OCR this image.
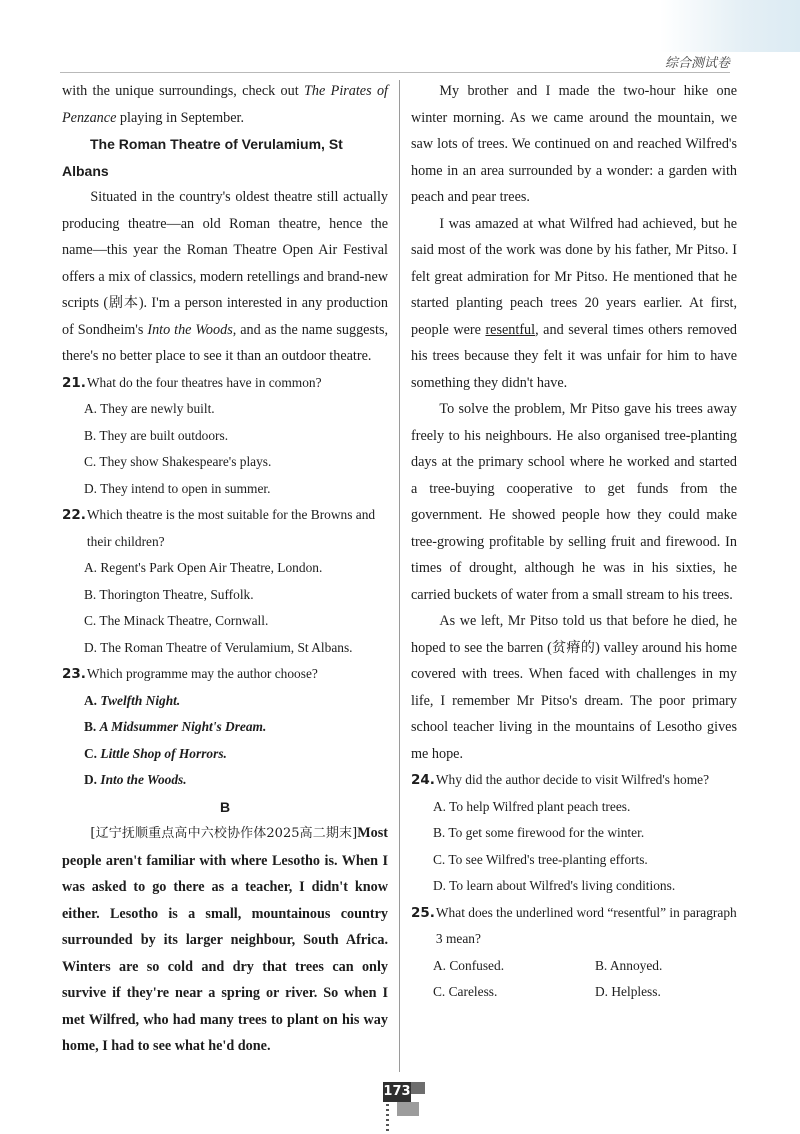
综合测试卷

with the unique surroundings, check out The Pirates of Penzance playing in September.

The Roman Theatre of Verulamium, St Albans

Situated in the country's oldest theatre still actually producing theatre—an old Roman theatre, hence the name—this year the Roman Theatre Open Air Festival offers a mix of classics, modern retellings and brand-new scripts (剧本). I'm a person interested in any production of Sondheim's Into the Woods, and as the name suggests, there's no better place to see it than an outdoor theatre.

21. What do the four theatres have in common?
A. They are newly built.
B. They are built outdoors.
C. They show Shakespeare's plays.
D. They intend to open in summer.
22. Which theatre is the most suitable for the Browns and their children?
A. Regent's Park Open Air Theatre, London.
B. Thorington Theatre, Suffolk.
C. The Minack Theatre, Cornwall.
D. The Roman Theatre of Verulamium, St Albans.
23. Which programme may the author choose?
A. Twelfth Night.
B. A Midsummer Night's Dream.
C. Little Shop of Horrors.
D. Into the Woods.
B

[辽宁抚顺重点高中六校协作体2025高二期末]Most people aren't familiar with where Lesotho is. When I was asked to go there as a teacher, I didn't know either. Lesotho is a small, mountainous country surrounded by its larger neighbour, South Africa. Winters are so cold and dry that trees can only survive if they're near a spring or river. So when I met Wilfred, who had many trees to plant on his way home, I had to see what he'd done.

My brother and I made the two-hour hike one winter morning. As we came around the mountain, we saw lots of trees. We continued on and reached Wilfred's home in an area surrounded by a wonder: a garden with peach and pear trees.

I was amazed at what Wilfred had achieved, but he said most of the work was done by his father, Mr Pitso. I felt great admiration for Mr Pitso. He mentioned that he started planting peach trees 20 years earlier. At first, people were resentful, and several times others removed his trees because they felt it was unfair for him to have something they didn't have.

To solve the problem, Mr Pitso gave his trees away freely to his neighbours. He also organised tree-planting days at the primary school where he worked and started a tree-buying cooperative to get funds from the government. He showed people how they could make tree-growing profitable by selling fruit and firewood. In times of drought, although he was in his sixties, he carried buckets of water from a small stream to his trees.

As we left, Mr Pitso told us that before he died, he hoped to see the barren (贫瘠的) valley around his home covered with trees. When faced with challenges in my life, I remember Mr Pitso's dream. The poor primary school teacher living in the mountains of Lesotho gives me hope.

24. Why did the author decide to visit Wilfred's home?
A. To help Wilfred plant peach trees.
B. To get some firewood for the winter.
C. To see Wilfred's tree-planting efforts.
D. To learn about Wilfred's living conditions.
25. What does the underlined word “resentful” in paragraph 3 mean?
A. Confused.	B. Annoyed.
C. Careless.	D. Helpless.
173
